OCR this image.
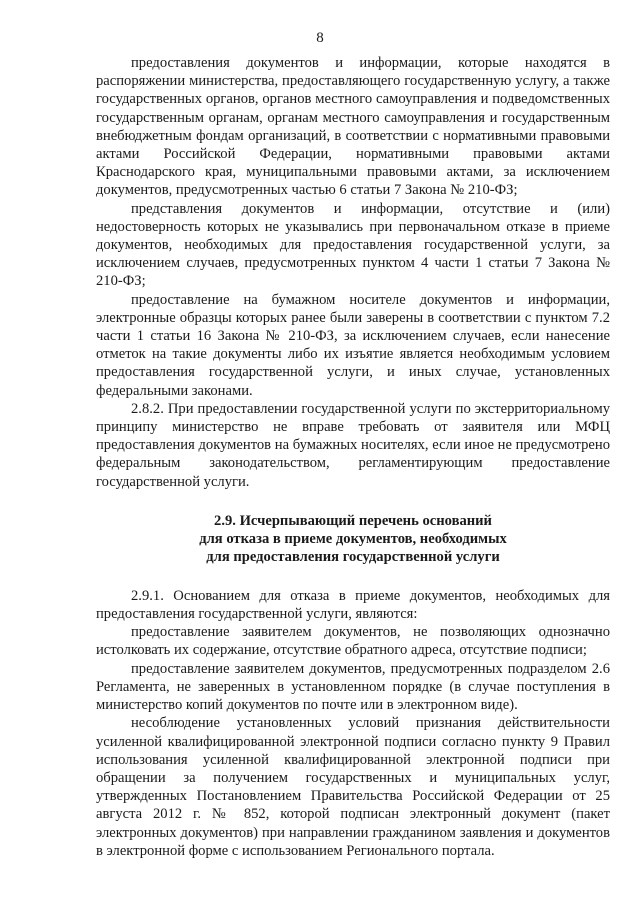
8

предоставления документов и информации, которые находятся в распоряжении министерства, предоставляющего государственную услугу, а также государственных органов, органов местного самоуправления и подведомственных государственным органам, органам местного самоуправления и государственным внебюджетным фондам организаций, в соответствии с нормативными правовыми актами Российской Федерации, нормативными правовыми актами Краснодарского края, муниципальными правовыми актами, за исключением документов, предусмотренных частью 6 статьи 7 Закона № 210-ФЗ;

представления документов и информации, отсутствие и (или) недостоверность которых не указывались при первоначальном отказе в приеме документов, необходимых для предоставления государственной услуги, за исключением случаев, предусмотренных пунктом 4 части 1 статьи 7 Закона № 210-ФЗ;

предоставление на бумажном носителе документов и информации, электронные образцы которых ранее были заверены в соответствии с пунктом 7.2 части 1 статьи 16 Закона № 210-ФЗ, за исключением случаев, если нанесение отметок на такие документы либо их изъятие является необходимым условием предоставления государственной услуги, и иных случае, установленных федеральными законами.

2.8.2. При предоставлении государственной услуги по экстерриториальному принципу министерство не вправе требовать от заявителя или МФЦ предоставления документов на бумажных носителях, если иное не предусмотрено федеральным законодательством, регламентирующим предоставление государственной услуги.

2.9. Исчерпывающий перечень оснований
для отказа в приеме документов, необходимых
для предоставления государственной услуги

2.9.1. Основанием для отказа в приеме документов, необходимых для предоставления государственной услуги, являются:

предоставление заявителем документов, не позволяющих однозначно истолковать их содержание, отсутствие обратного адреса, отсутствие подписи;

предоставление заявителем документов, предусмотренных подразделом 2.6 Регламента, не заверенных в установленном порядке (в случае поступления в министерство копий документов по почте или в электронном виде).

несоблюдение установленных условий признания действительности усиленной квалифицированной электронной подписи согласно пункту 9 Правил использования усиленной квалифицированной электронной подписи при обращении за получением государственных и муниципальных услуг, утвержденных Постановлением Правительства Российской Федерации от 25 августа 2012 г. № 852, которой подписан электронный документ (пакет электронных документов) при направлении гражданином заявления и документов в электронной форме с использованием Регионального портала.
